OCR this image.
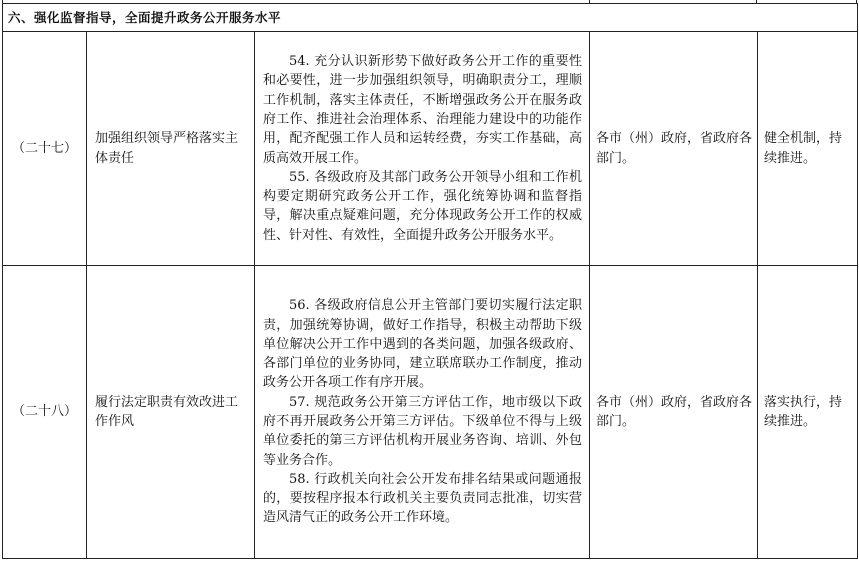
六、强化监督指导，全面提升政务公开服务水平				
（二十七）	加强组织领导严格落实主体责任	54. 充分认识新形势下做好政务公开工作的重要性和必要性，进一步加强组织领导，明确职责分工，理顺工作机制，落实主体责任，不断增强政务公开在服务政府工作、推进社会治理体系、治理能力建设中的功能作用，配齐配强工作人员和运转经费，夯实工作基础，高质高效开展工作。

55. 各级政府及其部门政务公开领导小组和工作机构要定期研究政务公开工作，强化统筹协调和监督指导，解决重点疑难问题，充分体现政务公开工作的权威性、针对性、有效性，全面提升政务公开服务水平。	各市（州）政府，省政府各部门。	健全机制，持续推进。
（二十八）	履行法定职责有效改进工作作风	56. 各级政府信息公开主管部门要切实履行法定职责，加强统筹协调，做好工作指导，积极主动帮助下级单位解决公开工作中遇到的各类问题，加强各级政府、各部门单位的业务协同，建立联席联办工作制度，推动政务公开各项工作有序开展。

57. 规范政务公开第三方评估工作，地市级以下政府不再开展政务公开第三方评估。下级单位不得与上级单位委托的第三方评估机构开展业务咨询、培训、外包等业务合作。

58. 行政机关向社会公开发布排名结果或问题通报的，要按程序报本行政机关主要负责同志批准，切实营造风清气正的政务公开工作环境。	各市（州）政府，省政府各部门。	落实执行，持续推进。
